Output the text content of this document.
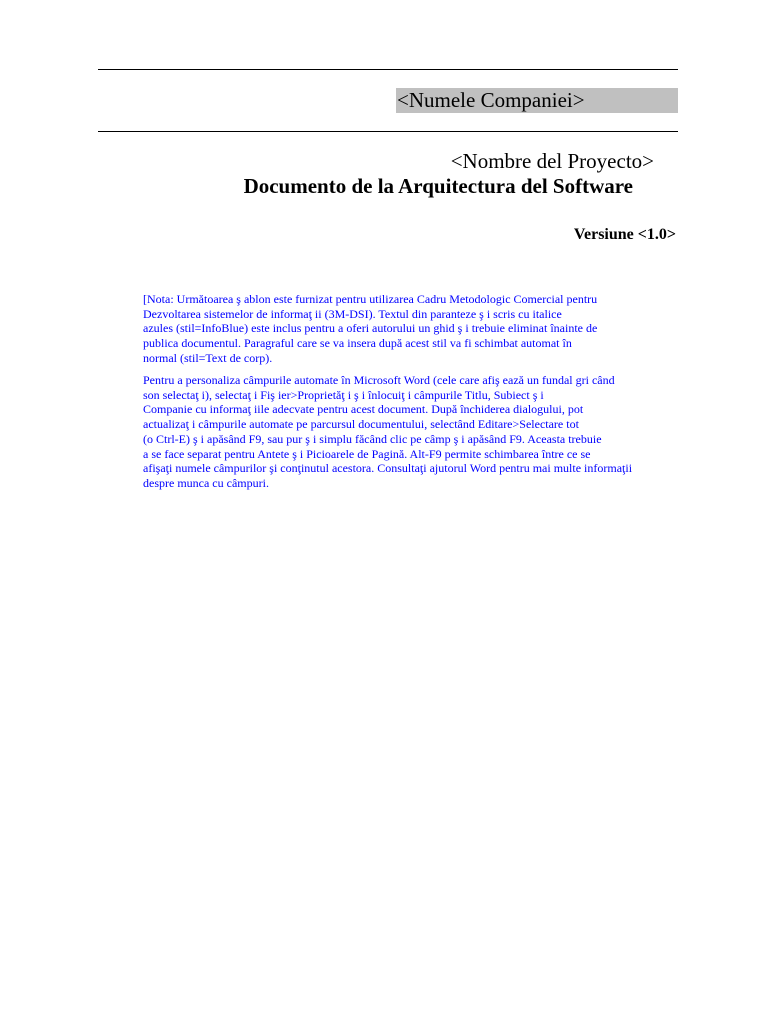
<Numele Companiei>
<Nombre del Proyecto>
Documento de la Arquitectura del Software
Versiune <1.0>

[Nota: Următoarea ş ablon este furnizat pentru utilizarea Cadru Metodologic Comercial pentru
Dezvoltarea sistemelor de informaţ ii (3M-DSI). Textul din paranteze ş i scris cu italice
azules (stil=InfoBlue) este inclus pentru a oferi autorului un ghid ş i trebuie eliminat înainte de
publica documentul. Paragraful care se va insera după acest stil va fi schimbat automat în
normal (stil=Text de corp).

Pentru a personaliza câmpurile automate în Microsoft Word (cele care afiş ează un fundal gri când
son selectaţ i), selectaţ i Fiş ier>Proprietăţ i ş i înlocuiţ i câmpurile Titlu, Subiect ş i
Companie cu informaţ iile adecvate pentru acest document. După închiderea dialogului, pot
actualizaţ i câmpurile automate pe parcursul documentului, selectând Editare>Selectare tot
(o Ctrl-E) ş i apăsând F9, sau pur ş i simplu făcând clic pe câmp ş i apăsând F9. Aceasta trebuie
a se face separat pentru Antete ş i Picioarele de Pagină. Alt-F9 permite schimbarea între ce se
afişaţi numele câmpurilor şi conţinutul acestora. Consultaţi ajutorul Word pentru mai multe informaţii
despre munca cu câmpuri.
